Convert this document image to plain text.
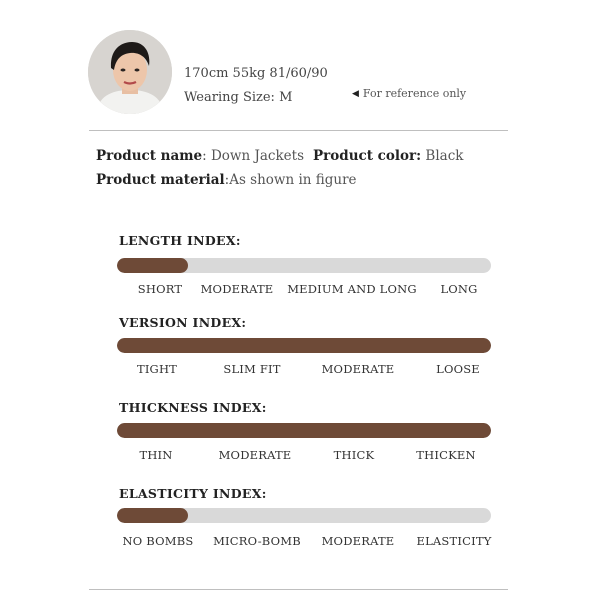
170cm 55kg 81/60/90
Wearing Size: M	◀ For reference only
Product name: Down Jackets Product color: Black
Product material:As shown in figure
LENGTH INDEX:
SHORT MODERATE MEDIUM AND LONG LONG
VERSION INDEX:
TIGHT	SLIM FIT	MODERATE	LOOSE
THICKNESS INDEX:
THIN	MODERATE	THICK	THICKEN
ELASTICITY INDEX:
NO BOMBS MICRO-BOMB MODERATE ELASTICITY
